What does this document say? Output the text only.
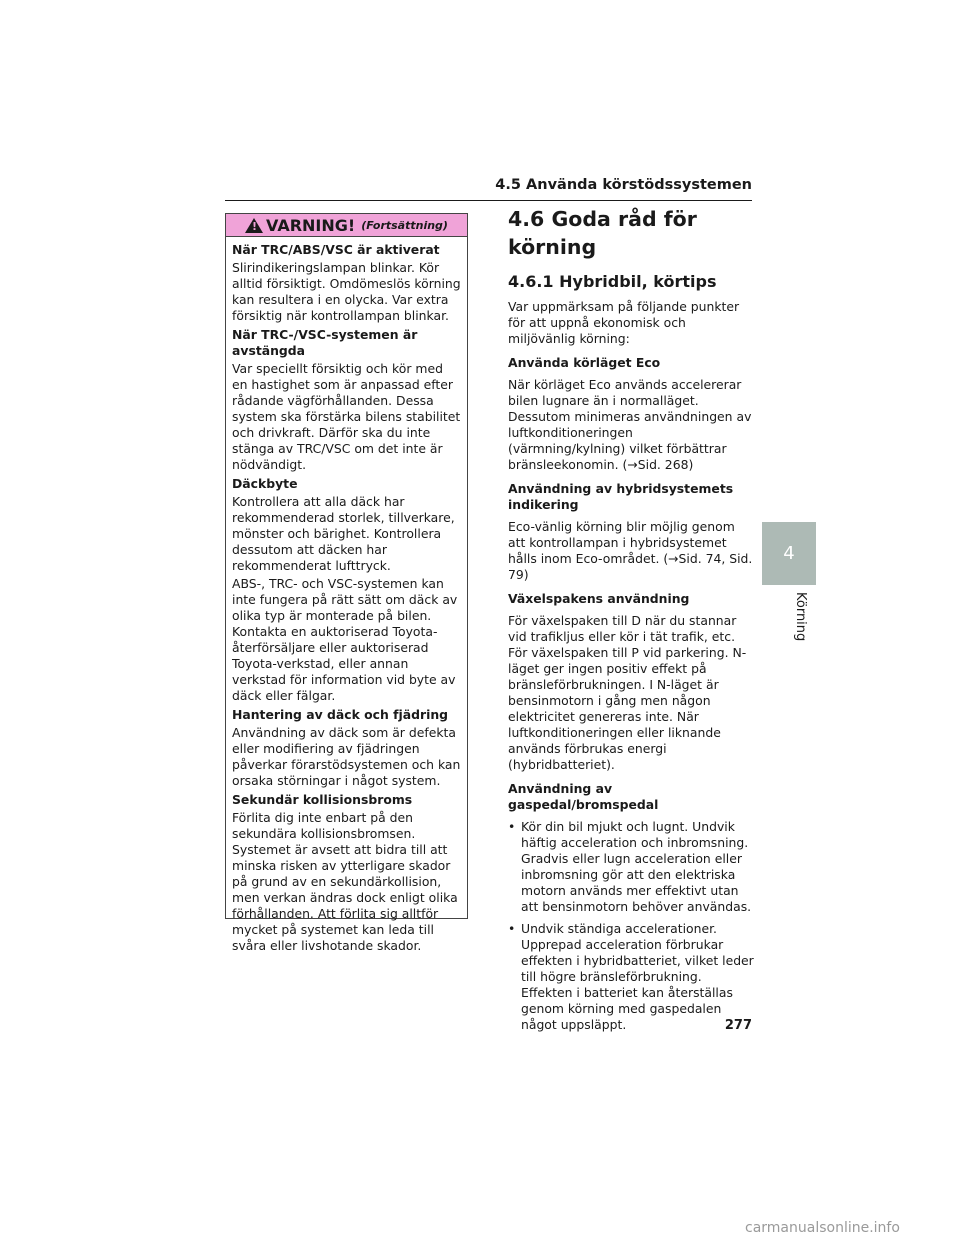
4.5 Använda körstödssystemen
! VARNING! (Fortsättning)
När TRC/ABS/VSC är aktiverat

Slirindikeringslampan blinkar. Kör alltid försiktigt. Omdömeslös körning kan resultera i en olycka. Var extra försiktig när kontrollampan blinkar.

När TRC-/VSC-systemen är avstängda

Var speciellt försiktig och kör med en hastighet som är anpassad efter rådande vägförhållanden. Dessa system ska förstärka bilens stabilitet och drivkraft. Därför ska du inte stänga av TRC/VSC om det inte är nödvändigt.

Däckbyte

Kontrollera att alla däck har rekommenderad storlek, tillverkare, mönster och bärighet. Kontrollera dessutom att däcken har rekommenderat lufttryck.

ABS-, TRC- och VSC-systemen kan inte fungera på rätt sätt om däck av olika typ är monterade på bilen. Kontakta en auktoriserad Toyota-återförsäljare eller auktoriserad Toyota-verkstad, eller annan verkstad för information vid byte av däck eller fälgar.

Hantering av däck och fjädring

Användning av däck som är defekta eller modifiering av fjädringen påverkar förarstödsystemen och kan orsaka störningar i något system.

Sekundär kollisionsbroms

Förlita dig inte enbart på den sekundära kollisionsbromsen. Systemet är avsett att bidra till att minska risken av ytterligare skador på grund av en sekundärkollision, men verkan ändras dock enligt olika förhållanden. Att förlita sig alltför mycket på systemet kan leda till svåra eller livshotande skador.

4.6 Goda råd för körning
4.6.1 Hybridbil, körtips

Var uppmärksam på följande punkter för att uppnå ekonomisk och miljövänlig körning:

Använda körläget Eco

När körläget Eco används accelererar bilen lugnare än i normalläget. Dessutom minimeras användningen av luftkonditioneringen (värmning/kylning) vilket förbättrar bränsleekonomin. (→Sid. 268)

Användning av hybridsystemets indikering

Eco-vänlig körning blir möjlig genom att kontrollampan i hybridsystemet hålls inom Eco-området. (→Sid. 74, Sid. 79)

Växelspakens användning

För växelspaken till D när du stannar vid trafikljus eller kör i tät trafik, etc. För växelspaken till P vid parkering. N-läget ger ingen positiv effekt på bränsleförbrukningen. I N-läget är bensinmotorn i gång men någon elektricitet genereras inte. När luftkonditioneringen eller liknande används förbrukas energi (hybridbatteriet).

Användning av gaspedal/bromspedal
• Kör din bil mjukt och lugnt. Undvik häftig acceleration och inbromsning. Gradvis eller lugn acceleration eller inbromsning gör att den elektriska motorn används mer effektivt utan att bensinmotorn behöver användas.
• Undvik ständiga accelerationer. Upprepad acceleration förbrukar effekten i hybridbatteriet, vilket leder till högre bränsleförbrukning. Effekten i batteriet kan återställas genom körning med gaspedalen något uppsläppt.
4
Körning
277
carmanualsonline.info
